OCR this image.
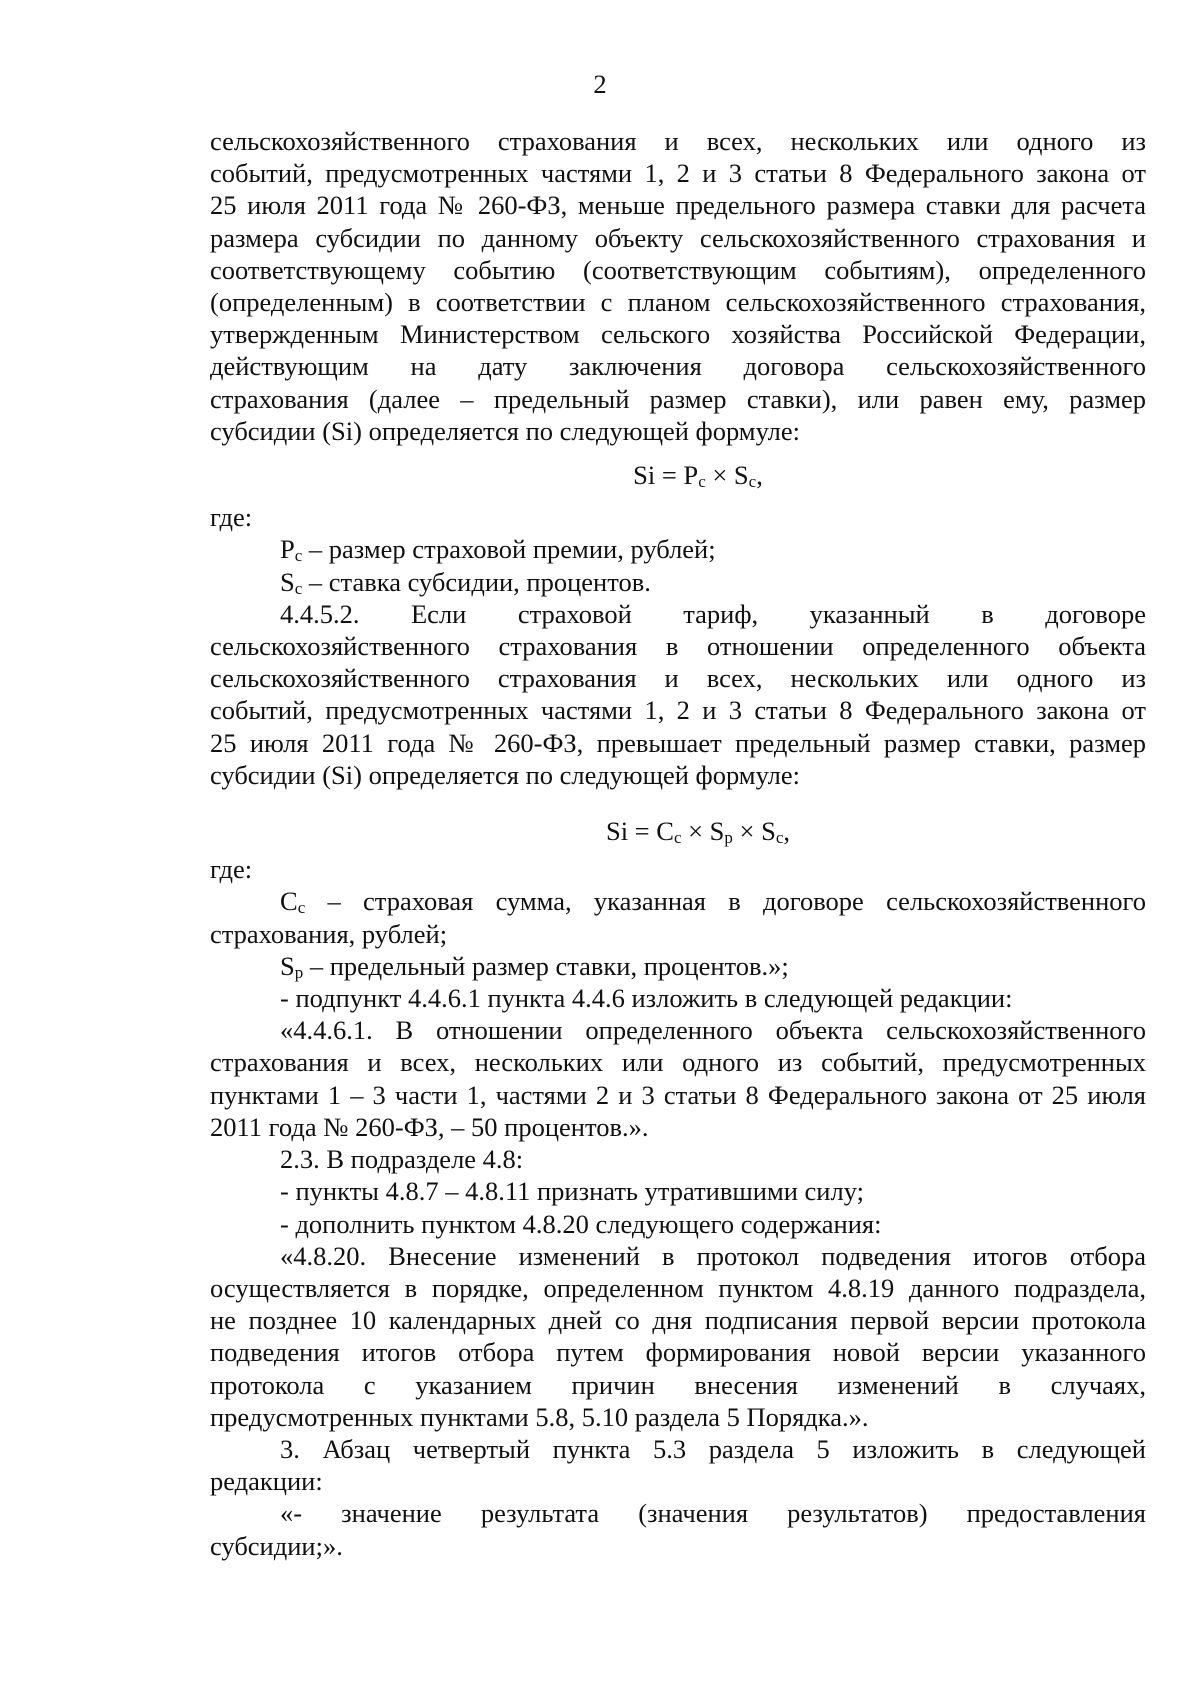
2

сельскохозяйственного страхования и всех, нескольких или одного из

событий, предусмотренных частями 1, 2 и 3 статьи 8 Федерального закона от

25 июля 2011 года № 260-ФЗ, меньше предельного размера ставки для расчета

размера субсидии по данному объекту сельскохозяйственного страхования и

соответствующему событию (соответствующим событиям), определенного

(определенным) в соответствии с планом сельскохозяйственного страхования,

утвержденным Министерством сельского хозяйства Российской Федерации,

действующим на дату заключения договора сельскохозяйственного

страхования (далее – предельный размер ставки), или равен ему, размер

субсидии (Si) определяется по следующей формуле:

$Si = P_c \times S_c$,

где:

$P_c$ – размер страховой премии, рублей;

$S_c$ – ставка субсидии, процентов.

4.4.5.2. Если страховой тариф, указанный в договоре

сельскохозяйственного страхования в отношении определенного объекта

сельскохозяйственного страхования и всех, нескольких или одного из

событий, предусмотренных частями 1, 2 и 3 статьи 8 Федерального закона от

25 июля 2011 года № 260-ФЗ, превышает предельный размер ставки, размер

субсидии (Si) определяется по следующей формуле:

$Si = C_c \times S_p \times S_c$,

где:

$C_c$ – страховая сумма, указанная в договоре сельскохозяйственного

страхования, рублей;

$S_p$ – предельный размер ставки, процентов.»;

- подпункт 4.4.6.1 пункта 4.4.6 изложить в следующей редакции:

«4.4.6.1. В отношении определенного объекта сельскохозяйственного

страхования и всех, нескольких или одного из событий, предусмотренных

пунктами 1 – 3 части 1, частями 2 и 3 статьи 8 Федерального закона от 25 июля

2011 года № 260-ФЗ, – 50 процентов.».

2.3. В подразделе 4.8:

- пункты 4.8.7 – 4.8.11 признать утратившими силу;

- дополнить пунктом 4.8.20 следующего содержания:

«4.8.20. Внесение изменений в протокол подведения итогов отбора

осуществляется в порядке, определенном пунктом 4.8.19 данного подраздела,

не позднее 10 календарных дней со дня подписания первой версии протокола

подведения итогов отбора путем формирования новой версии указанного

протокола с указанием причин внесения изменений в случаях,

предусмотренных пунктами 5.8, 5.10 раздела 5 Порядка.».

3. Абзац четвертый пункта 5.3 раздела 5 изложить в следующей

редакции:

«- значение результата (значения результатов) предоставления

субсидии;».
